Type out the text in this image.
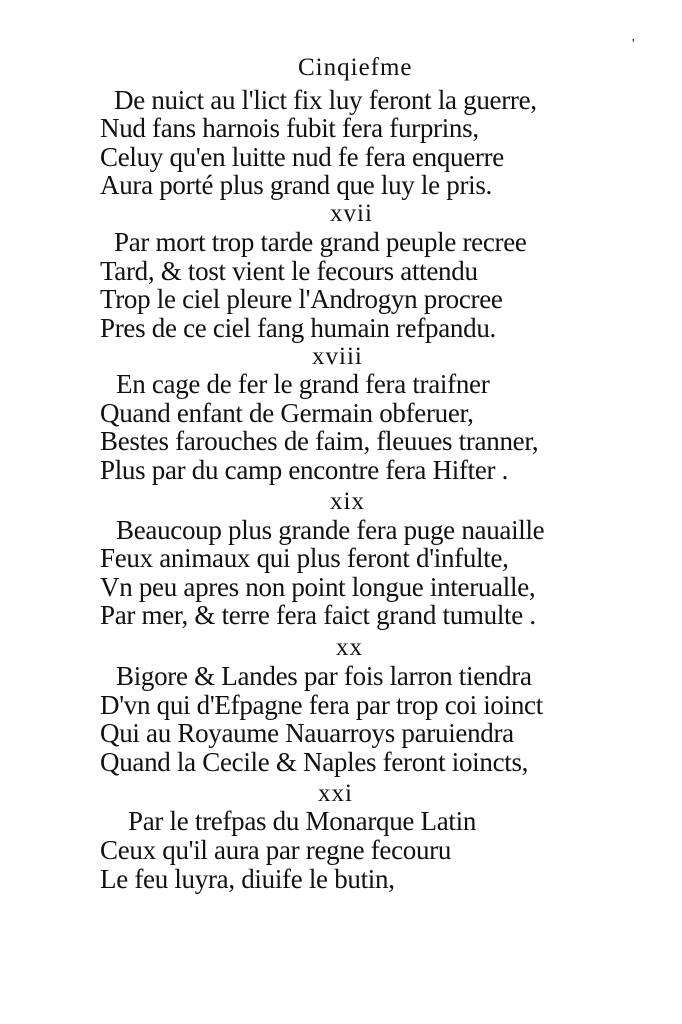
'
Cinqiefme
De nuict au l'lict fix luy feront la guerre,
Nud fans harnois fubit fera furprins,
Celuy qu'en luitte nud fe fera enquerre
Aura porté plus grand que luy le pris.
xvii
Par mort trop tarde grand peuple recree
Tard, & tost vient le fecours attendu
Trop le ciel pleure l'Androgyn procree
Pres de ce ciel fang humain refpandu.
xviii
En cage de fer le grand fera traifner
Quand enfant de Germain obferuer,
Bestes farouches de faim, fleuues tranner,
Plus par du camp encontre fera Hifter .
xix
Beaucoup plus grande fera puge nauaille
Feux animaux qui plus feront d'infulte,
Vn peu apres non point longue interualle,
Par mer, & terre fera faict grand tumulte .
xx
Bigore & Landes par fois larron tiendra
D'vn qui d'Efpagne fera par trop coi ioinct
Qui au Royaume Nauarroys paruiendra
Quand la Cecile & Naples feront ioincts,
xxi
Par le trefpas du Monarque Latin
Ceux qu'il aura par regne fecouru
Le feu luyra, diuife le butin,
